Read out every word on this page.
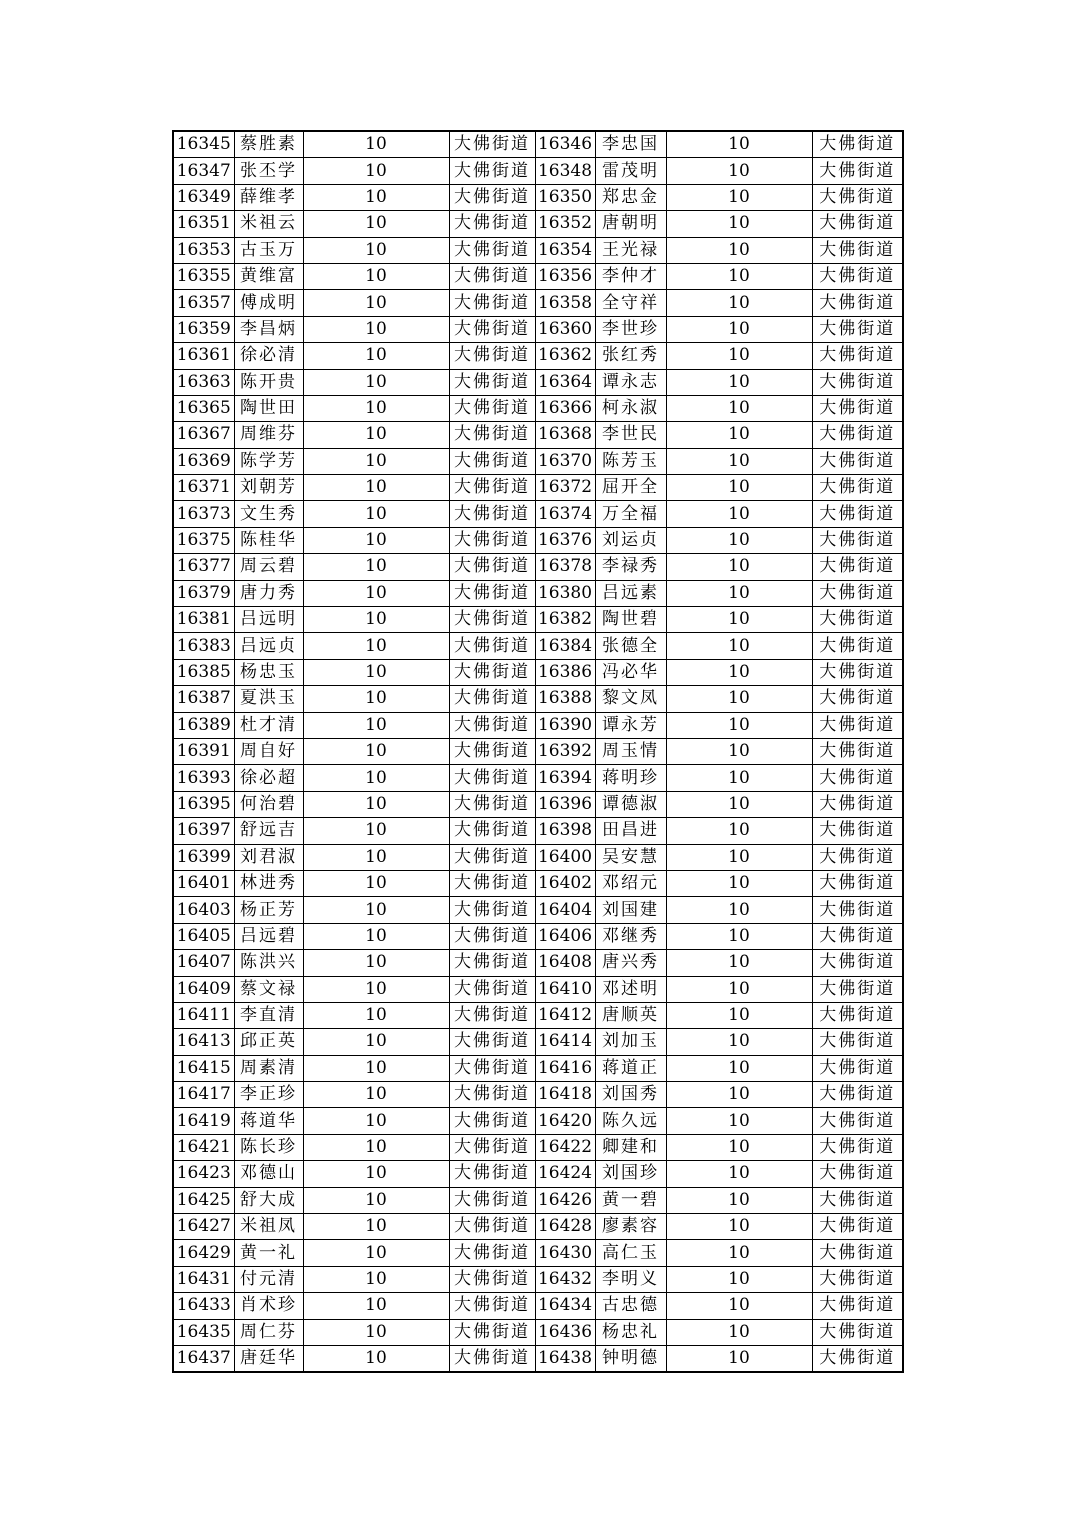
16345	蔡胜素	10	大佛街道	16346	李忠国	10	大佛街道
16347	张丕学	10	大佛街道	16348	雷茂明	10	大佛街道
16349	薛维孝	10	大佛街道	16350	郑忠金	10	大佛街道
16351	米祖云	10	大佛街道	16352	唐朝明	10	大佛街道
16353	古玉万	10	大佛街道	16354	王光禄	10	大佛街道
16355	黄维富	10	大佛街道	16356	李仲才	10	大佛街道
16357	傅成明	10	大佛街道	16358	全守祥	10	大佛街道
16359	李昌炳	10	大佛街道	16360	李世珍	10	大佛街道
16361	徐必清	10	大佛街道	16362	张红秀	10	大佛街道
16363	陈开贵	10	大佛街道	16364	谭永志	10	大佛街道
16365	陶世田	10	大佛街道	16366	柯永淑	10	大佛街道
16367	周维芬	10	大佛街道	16368	李世民	10	大佛街道
16369	陈学芳	10	大佛街道	16370	陈芳玉	10	大佛街道
16371	刘朝芳	10	大佛街道	16372	屈开全	10	大佛街道
16373	文生秀	10	大佛街道	16374	万全福	10	大佛街道
16375	陈桂华	10	大佛街道	16376	刘运贞	10	大佛街道
16377	周云碧	10	大佛街道	16378	李禄秀	10	大佛街道
16379	唐力秀	10	大佛街道	16380	吕远素	10	大佛街道
16381	吕远明	10	大佛街道	16382	陶世碧	10	大佛街道
16383	吕远贞	10	大佛街道	16384	张德全	10	大佛街道
16385	杨忠玉	10	大佛街道	16386	冯必华	10	大佛街道
16387	夏洪玉	10	大佛街道	16388	黎文凤	10	大佛街道
16389	杜才清	10	大佛街道	16390	谭永芳	10	大佛街道
16391	周自好	10	大佛街道	16392	周玉情	10	大佛街道
16393	徐必超	10	大佛街道	16394	蒋明珍	10	大佛街道
16395	何治碧	10	大佛街道	16396	谭德淑	10	大佛街道
16397	舒远吉	10	大佛街道	16398	田昌进	10	大佛街道
16399	刘君淑	10	大佛街道	16400	吴安慧	10	大佛街道
16401	林进秀	10	大佛街道	16402	邓绍元	10	大佛街道
16403	杨正芳	10	大佛街道	16404	刘国建	10	大佛街道
16405	吕远碧	10	大佛街道	16406	邓继秀	10	大佛街道
16407	陈洪兴	10	大佛街道	16408	唐兴秀	10	大佛街道
16409	蔡文禄	10	大佛街道	16410	邓述明	10	大佛街道
16411	李直清	10	大佛街道	16412	唐顺英	10	大佛街道
16413	邱正英	10	大佛街道	16414	刘加玉	10	大佛街道
16415	周素清	10	大佛街道	16416	蒋道正	10	大佛街道
16417	李正珍	10	大佛街道	16418	刘国秀	10	大佛街道
16419	蒋道华	10	大佛街道	16420	陈久远	10	大佛街道
16421	陈长珍	10	大佛街道	16422	卿建和	10	大佛街道
16423	邓德山	10	大佛街道	16424	刘国珍	10	大佛街道
16425	舒大成	10	大佛街道	16426	黄一碧	10	大佛街道
16427	米祖凤	10	大佛街道	16428	廖素容	10	大佛街道
16429	黄一礼	10	大佛街道	16430	高仁玉	10	大佛街道
16431	付元清	10	大佛街道	16432	李明义	10	大佛街道
16433	肖术珍	10	大佛街道	16434	古忠德	10	大佛街道
16435	周仁芬	10	大佛街道	16436	杨忠礼	10	大佛街道
16437	唐廷华	10	大佛街道	16438	钟明德	10	大佛街道
